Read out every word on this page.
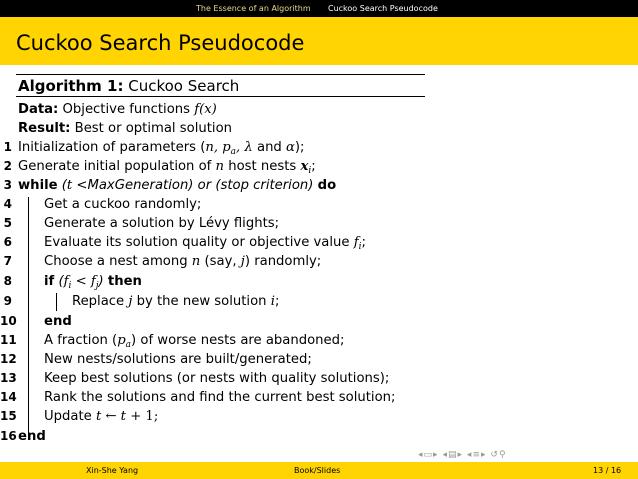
The Essence of an Algorithm Cuckoo Search Pseudocode
Cuckoo Search Pseudocode
Algorithm 1: Cuckoo Search
Data: Objective functions f(x)
Result: Best or optimal solution
1 Initialization of parameters (n, $p_a$, λ and α);
2 Generate initial population of n host nests $x_i$;
3 while (t <MaxGeneration) or (stop criterion) do
4 Get a cuckoo randomly;
5 Generate a solution by Lévy flights;
6 Evaluate its solution quality or objective value $f_i$;
7 Choose a nest among n (say, j) randomly;
8 if $(f_i < f_j)$ then
9	Replace j by the new solution i;
10 end
11 A fraction $(p_a)$ of worse nests are abandoned;
12 New nests/solutions are built/generated;
13 Keep best solutions (or nests with quality solutions);
14 Rank the solutions and find the current best solution;
15 Update t ← t + 1;
16 end
◂▭▸ ◂▤▸ ◂≡▸ ↺⚲
Xin-She Yang	Book/Slides	13 / 16
